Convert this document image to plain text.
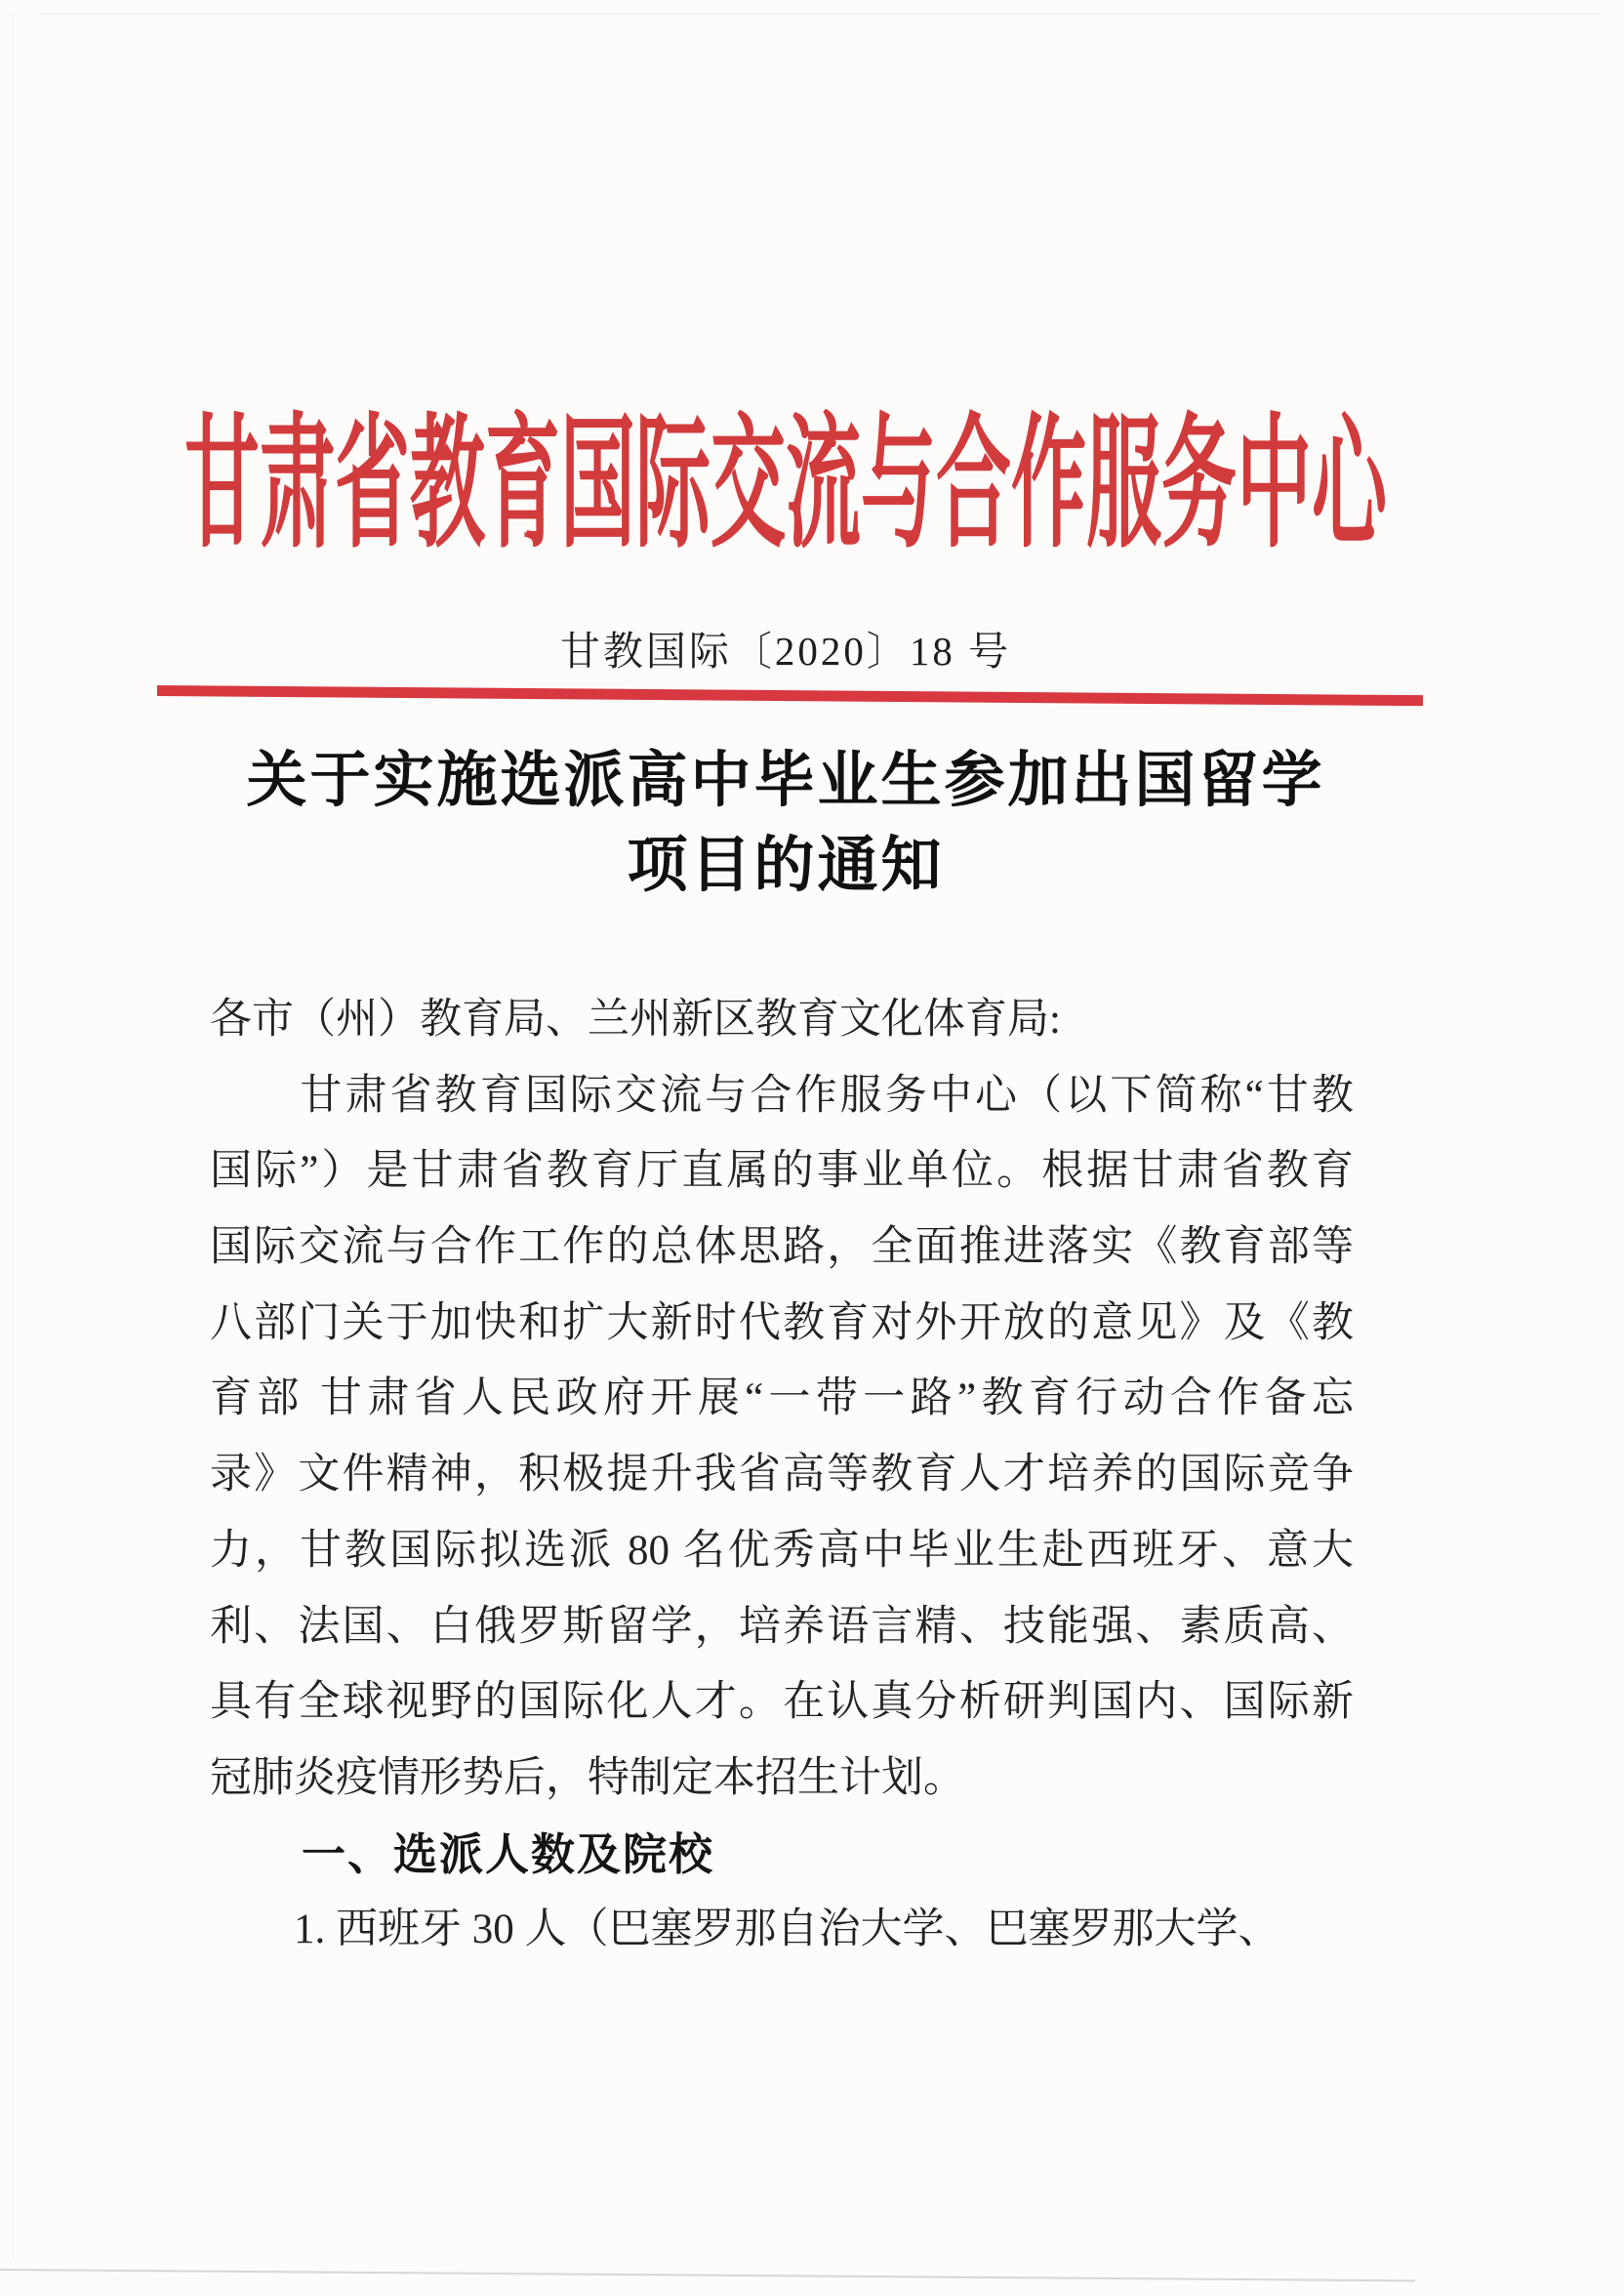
甘肃省教育国际交流与合作服务中心
甘教国际〔2020〕18 号
关于实施选派高中毕业生参加出国留学
项目的通知
各市（州）教育局、兰州新区教育文化体育局:
　　甘肃省教育国际交流与合作服务中心（以下简称“甘教
国际”）是甘肃省教育厅直属的事业单位。根据甘肃省教育
国际交流与合作工作的总体思路，全面推进落实《教育部等
八部门关于加快和扩大新时代教育对外开放的意见》及《教
育部 甘肃省人民政府开展“一带一路”教育行动合作备忘
录》文件精神，积极提升我省高等教育人才培养的国际竞争
力，甘教国际拟选派 80 名优秀高中毕业生赴西班牙、意大
利、法国、白俄罗斯留学，培养语言精、技能强、素质高、
具有全球视野的国际化人才。在认真分析研判国内、国际新
冠肺炎疫情形势后，特制定本招生计划。
　　一、选派人数及院校
　　1. 西班牙 30 人（巴塞罗那自治大学、巴塞罗那大学、
